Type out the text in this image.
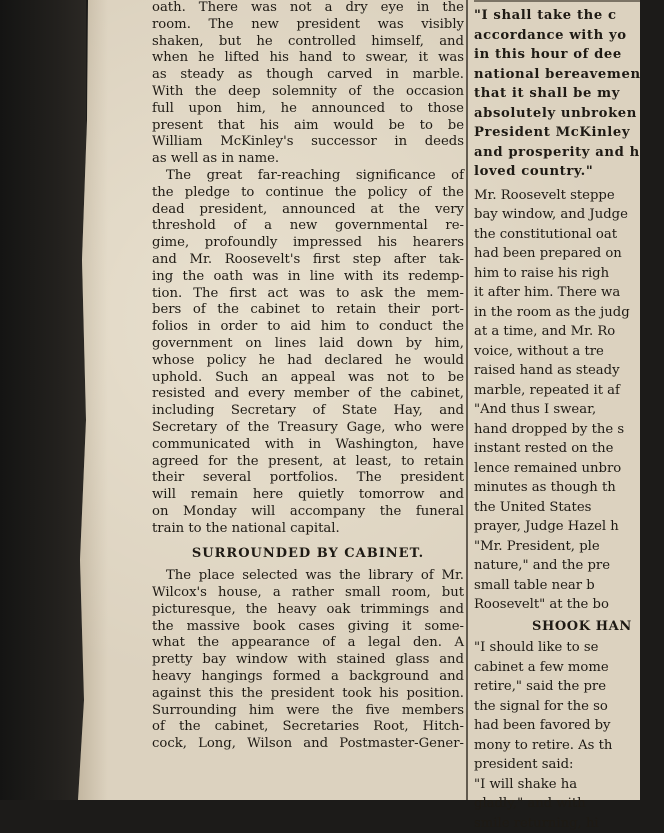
oath. There was not a dry eye in the
room. The new president was visibly
shaken, but he controlled himself, and
when he lifted his hand to swear, it was
as steady as though carved in marble.
With the deep solemnity of the occasion
full upon him, he announced to those
present that his aim would be to be
William McKinley's successor in deeds
as well as in name.

The great far-reaching significance of
the pledge to continue the policy of the
dead president, announced at the very
threshold of a new governmental re-
gime, profoundly impressed his hearers
and Mr. Roosevelt's first step after tak-
ing the oath was in line with its redemp-
tion. The first act was to ask the mem-
bers of the cabinet to retain their port-
folios in order to aid him to conduct the
government on lines laid down by him,
whose policy he had declared he would
uphold. Such an appeal was not to be
resisted and every member of the cabinet,
including Secretary of State Hay, and
Secretary of the Treasury Gage, who were
communicated with in Washington, have
agreed for the present, at least, to retain
their several portfolios. The president
will remain here quietly tomorrow and
on Monday will accompany the funeral
train to the national capital.

SURROUNDED BY CABINET.

The place selected was the library of Mr.
Wilcox's house, a rather small room, but
picturesque, the heavy oak trimmings and
the massive book cases giving it some-
what the appearance of a legal den. A
pretty bay window with stained glass and
heavy hangings formed a background and
against this the president took his position.
Surrounding him were the five members
of the cabinet, Secretaries Root, Hitch-
cock, Long, Wilson and Postmaster-Gener-

"I shall take the c
accordance with yo
in this hour of dee
national bereavemen
that it shall be my
absolutely unbroken
President McKinley
and prosperity and h
loved country."
Mr. Roosevelt steppe
bay window, and Judge
the constitutional oat
had been prepared on
him to raise his righ
it after him. There wa
in the room as the judg
at a time, and Mr. Ro
voice, without a tre
raised hand as steady
marble, repeated it af
"And thus I swear,
hand dropped by the s
instant rested on the
lence remained unbro
minutes as though th
the United States
prayer, Judge Hazel h
"Mr. President, ple
nature," and the pre
small table near b
Roosevelt" at the bo
SHOOK HAN
"I should like to se
cabinet a few mome
retire," said the pre
the signal for the so
had been favored by
mony to retire. As th
president said:
"I will shake ha
gladly," and with
smile returning, hi
